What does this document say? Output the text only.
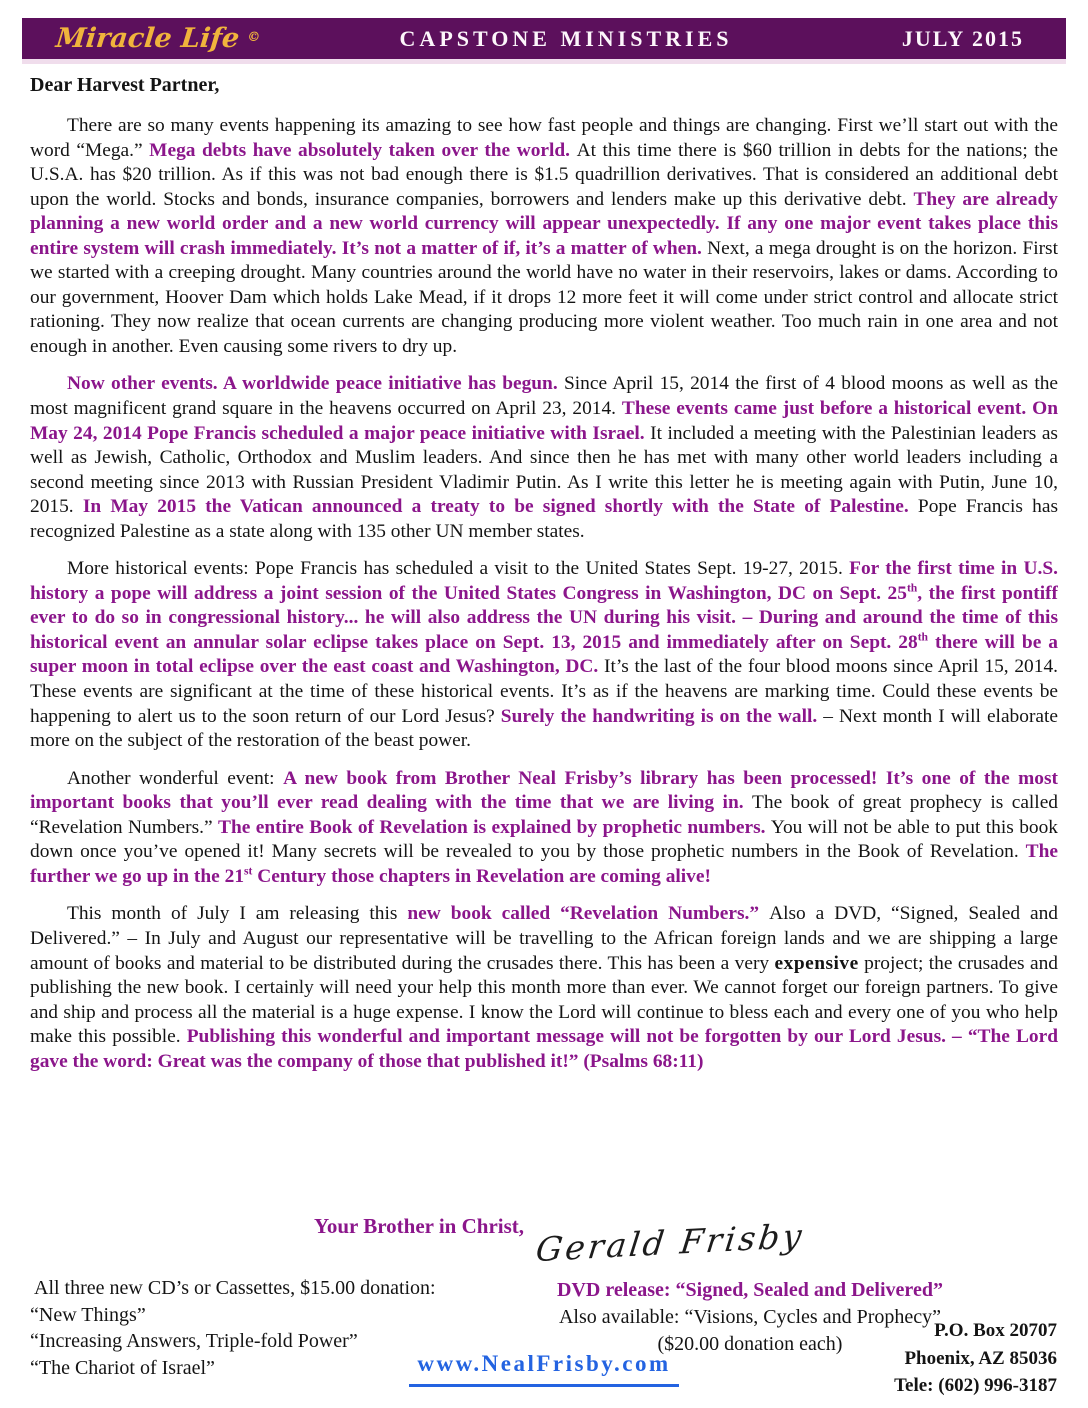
Miracle Life ©	CAPSTONE MINISTRIES	JULY 2015
Dear Harvest Partner,

There are so many events happening its amazing to see how fast people and things are changing. First we’ll start out with the word “Mega.” Mega debts have absolutely taken over the world. At this time there is $60 trillion in debts for the nations; the U.S.A. has $20 trillion. As if this was not bad enough there is $1.5 quadrillion derivatives. That is considered an additional debt upon the world. Stocks and bonds, insurance companies, borrowers and lenders make up this derivative debt. They are already planning a new world order and a new world currency will appear unexpectedly. If any one major event takes place this entire system will crash immediately. It’s not a matter of if, it’s a matter of when. Next, a mega drought is on the horizon. First we started with a creeping drought. Many countries around the world have no water in their reservoirs, lakes or dams. According to our government, Hoover Dam which holds Lake Mead, if it drops 12 more feet it will come under strict control and allocate strict rationing. They now realize that ocean currents are changing producing more violent weather. Too much rain in one area and not enough in another. Even causing some rivers to dry up.

Now other events. A worldwide peace initiative has begun. Since April 15, 2014 the first of 4 blood moons as well as the most magnificent grand square in the heavens occurred on April 23, 2014. These events came just before a historical event. On May 24, 2014 Pope Francis scheduled a major peace initiative with Israel. It included a meeting with the Palestinian leaders as well as Jewish, Catholic, Orthodox and Muslim leaders. And since then he has met with many other world leaders including a second meeting since 2013 with Russian President Vladimir Putin. As I write this letter he is meeting again with Putin, June 10, 2015. In May 2015 the Vatican announced a treaty to be signed shortly with the State of Palestine. Pope Francis has recognized Palestine as a state along with 135 other UN member states.

More historical events: Pope Francis has scheduled a visit to the United States Sept. 19-27, 2015. For the first time in U.S. history a pope will address a joint session of the United States Congress in Washington, DC on Sept. 25th, the first pontiff ever to do so in congressional history... he will also address the UN during his visit. – During and around the time of this historical event an annular solar eclipse takes place on Sept. 13, 2015 and immediately after on Sept. 28th there will be a super moon in total eclipse over the east coast and Washington, DC. It’s the last of the four blood moons since April 15, 2014. These events are significant at the time of these historical events. It’s as if the heavens are marking time. Could these events be happening to alert us to the soon return of our Lord Jesus? Surely the handwriting is on the wall. – Next month I will elaborate more on the subject of the restoration of the beast power.

Another wonderful event: A new book from Brother Neal Frisby’s library has been processed! It’s one of the most important books that you’ll ever read dealing with the time that we are living in. The book of great prophecy is called “Revelation Numbers.” The entire Book of Revelation is explained by prophetic numbers. You will not be able to put this book down once you’ve opened it! Many secrets will be revealed to you by those prophetic numbers in the Book of Revelation. The further we go up in the 21st Century those chapters in Revelation are coming alive!

This month of July I am releasing this new book called “Revelation Numbers.” Also a DVD, “Signed, Sealed and Delivered.” – In July and August our representative will be travelling to the African foreign lands and we are shipping a large amount of books and material to be distributed during the crusades there. This has been a very expensive project; the crusades and publishing the new book. I certainly will need your help this month more than ever. We cannot forget our foreign partners. To give and ship and process all the material is a huge expense. I know the Lord will continue to bless each and every one of you who help make this possible. Publishing this wonderful and important message will not be forgotten by our Lord Jesus. – “The Lord gave the word: Great was the company of those that published it!” (Psalms 68:11)

Your Brother in Christ, Gerald Frisby
All three new CD’s or Cassettes, $15.00 donation:
“New Things”
“Increasing Answers, Triple-fold Power”
“The Chariot of Israel”
DVD release: “Signed, Sealed and Delivered”
Also available: “Visions, Cycles and Prophecy”
($20.00 donation each)
www.NealFrisby.com
P.O. Box 20707
Phoenix, AZ 85036
Tele: (602) 996-3187
